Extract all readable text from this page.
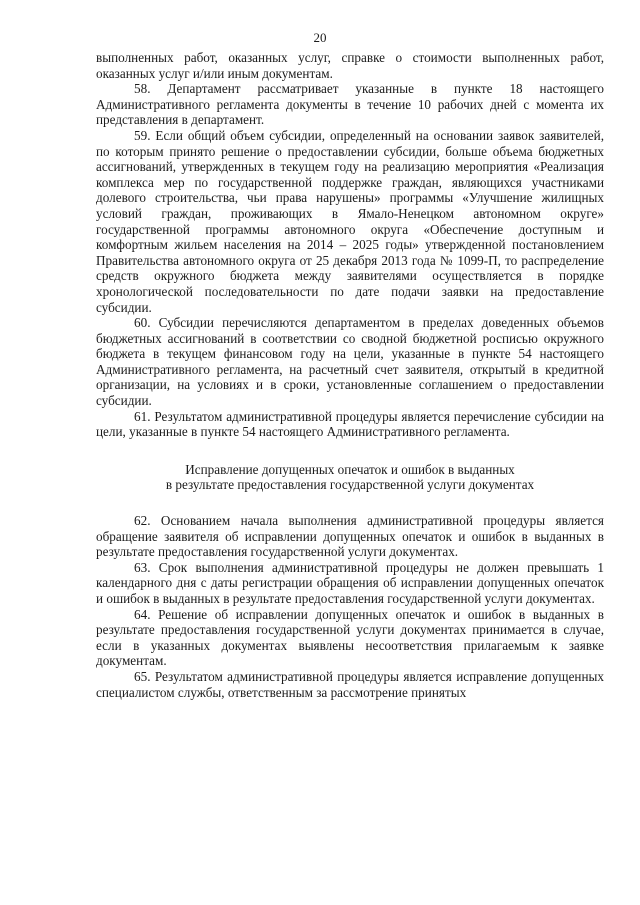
20

выполненных работ, оказанных услуг, справке о стоимости выполненных работ, оказанных услуг и/или иным документам.

58. Департамент рассматривает указанные в пункте 18 настоящего Административного регламента документы в течение 10 рабочих дней с момента их представления в департамент.

59. Если общий объем субсидии, определенный на основании заявок заявителей, по которым принято решение о предоставлении субсидии, больше объема бюджетных ассигнований, утвержденных в текущем году на реализацию мероприятия «Реализация комплекса мер по государственной поддержке граждан, являющихся участниками долевого строительства, чьи права нарушены» программы «Улучшение жилищных условий граждан, проживающих в Ямало-Ненецком автономном округе» государственной программы автономного округа «Обеспечение доступным и комфортным жильем населения на 2014 – 2025 годы» утвержденной постановлением Правительства автономного округа от 25 декабря 2013 года № 1099-П, то распределение средств окружного бюджета между заявителями осуществляется в порядке хронологической последовательности по дате подачи заявки на предоставление субсидии.

60. Субсидии перечисляются департаментом в пределах доведенных объемов бюджетных ассигнований в соответствии со сводной бюджетной росписью окружного бюджета в текущем финансовом году на цели, указанные в пункте 54 настоящего Административного регламента, на расчетный счет заявителя, открытый в кредитной организации, на условиях и в сроки, установленные соглашением о предоставлении субсидии.

61. Результатом административной процедуры является перечисление субсидии на цели, указанные в пункте 54 настоящего Административного регламента.

Исправление допущенных опечаток и ошибок в выданных
в результате предоставления государственной услуги документах

62. Основанием начала выполнения административной процедуры является обращение заявителя об исправлении допущенных опечаток и ошибок в выданных в результате предоставления государственной услуги документах.

63. Срок выполнения административной процедуры не должен превышать 1 календарного дня с даты регистрации обращения об исправлении допущенных опечаток и ошибок в выданных в результате предоставления государственной услуги документах.

64. Решение об исправлении допущенных опечаток и ошибок в выданных в результате предоставления государственной услуги документах принимается в случае, если в указанных документах выявлены несоответствия прилагаемым к заявке документам.

65. Результатом административной процедуры является исправление допущенных специалистом службы, ответственным за рассмотрение принятых
